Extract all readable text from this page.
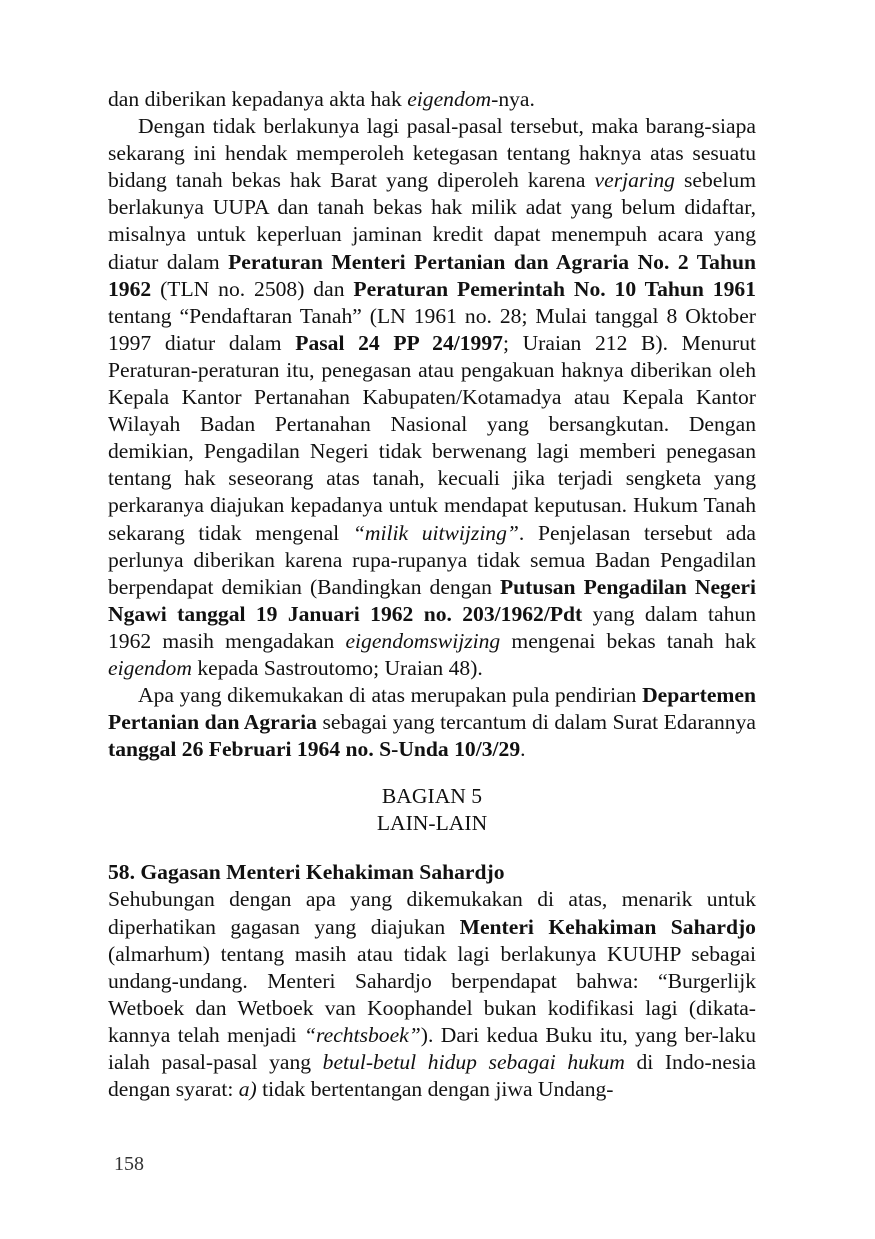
dan diberikan kepadanya akta hak eigendom-nya.

Dengan tidak berlakunya lagi pasal-pasal tersebut, maka barang-siapa sekarang ini hendak memperoleh ketegasan tentang haknya atas sesuatu bidang tanah bekas hak Barat yang diperoleh karena verjaring sebelum berlakunya UUPA dan tanah bekas hak milik adat yang belum didaftar, misalnya untuk keperluan jaminan kredit dapat menempuh acara yang diatur dalam Peraturan Menteri Pertanian dan Agraria No. 2 Tahun 1962 (TLN no. 2508) dan Peraturan Pemerintah No. 10 Tahun 1961 tentang “Pendaftaran Tanah” (LN 1961 no. 28; Mulai tanggal 8 Oktober 1997 diatur dalam Pasal 24 PP 24/1997; Uraian 212 B). Menurut Peraturan-peraturan itu, penegasan atau pengakuan haknya diberikan oleh Kepala Kantor Pertanahan Kabupaten/Kotamadya atau Kepala Kantor Wilayah Badan Pertanahan Nasional yang bersangkutan. Dengan demikian, Pengadilan Negeri tidak berwenang lagi memberi penegasan tentang hak seseorang atas tanah, kecuali jika terjadi sengketa yang perkaranya diajukan kepadanya untuk mendapat keputusan. Hukum Tanah sekarang tidak mengenal “milik uitwijzing”. Penjelasan tersebut ada perlunya diberikan karena rupa-rupanya tidak semua Badan Pengadilan berpendapat demikian (Bandingkan dengan Putusan Pengadilan Negeri Ngawi tanggal 19 Januari 1962 no. 203/1962/Pdt yang dalam tahun 1962 masih mengadakan eigendomswijzing mengenai bekas tanah hak eigendom kepada Sastroutomo; Uraian 48).

Apa yang dikemukakan di atas merupakan pula pendirian Departemen Pertanian dan Agraria sebagai yang tercantum di dalam Surat Edarannya tanggal 26 Februari 1964 no. S-Unda 10/3/29.

BAGIAN 5
LAIN-LAIN

58. Gagasan Menteri Kehakiman Sahardjo

Sehubungan dengan apa yang dikemukakan di atas, menarik untuk diperhatikan gagasan yang diajukan Menteri Kehakiman Sahardjo (almarhum) tentang masih atau tidak lagi berlakunya KUUHP sebagai undang-undang. Menteri Sahardjo berpendapat bahwa: “Burgerlijk Wetboek dan Wetboek van Koophandel bukan kodifikasi lagi (dikata-kannya telah menjadi “rechtsboek”). Dari kedua Buku itu, yang ber-laku ialah pasal-pasal yang betul-betul hidup sebagai hukum di Indo-nesia dengan syarat: a) tidak bertentangan dengan jiwa Undang-

158
